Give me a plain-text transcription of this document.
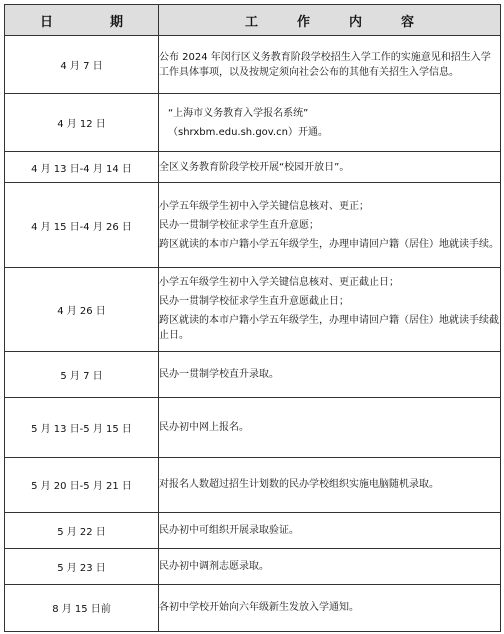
日　期	工　作　内　容
4 月 7 日	公布 2024 年闵行区义务教育阶段学校招生入学工作的实施意见和招生入学工作具体事项，以及按规定须向社会公布的其他有关招生入学信息。

4 月 12 日	“上海市义务教育入学报名系统”
（shrxbm.edu.sh.gov.cn）开通。

4 月 13 日-4 月 14 日	全区义务教育阶段学校开展“校园开放日”。

4 月 15 日-4 月 26 日	小学五年级学生初中入学关键信息核对、更正；
民办一贯制学校征求学生直升意愿；
跨区就读的本市户籍小学五年级学生，办理申请回户籍（居住）地就读手续。

4 月 26 日	小学五年级学生初中入学关键信息核对、更正截止日；
民办一贯制学校征求学生直升意愿截止日；
跨区就读的本市户籍小学五年级学生，办理申请回户籍（居住）地就读手续截止日。

5 月 7 日	民办一贯制学校直升录取。

5 月 13 日-5 月 15 日	民办初中网上报名。

5 月 20 日-5 月 21 日	对报名人数超过招生计划数的民办学校组织实施电脑随机录取。

5 月 22 日	民办初中可组织开展录取验证。

5 月 23 日	民办初中调剂志愿录取。

8 月 15 日前	各初中学校开始向六年级新生发放入学通知。
